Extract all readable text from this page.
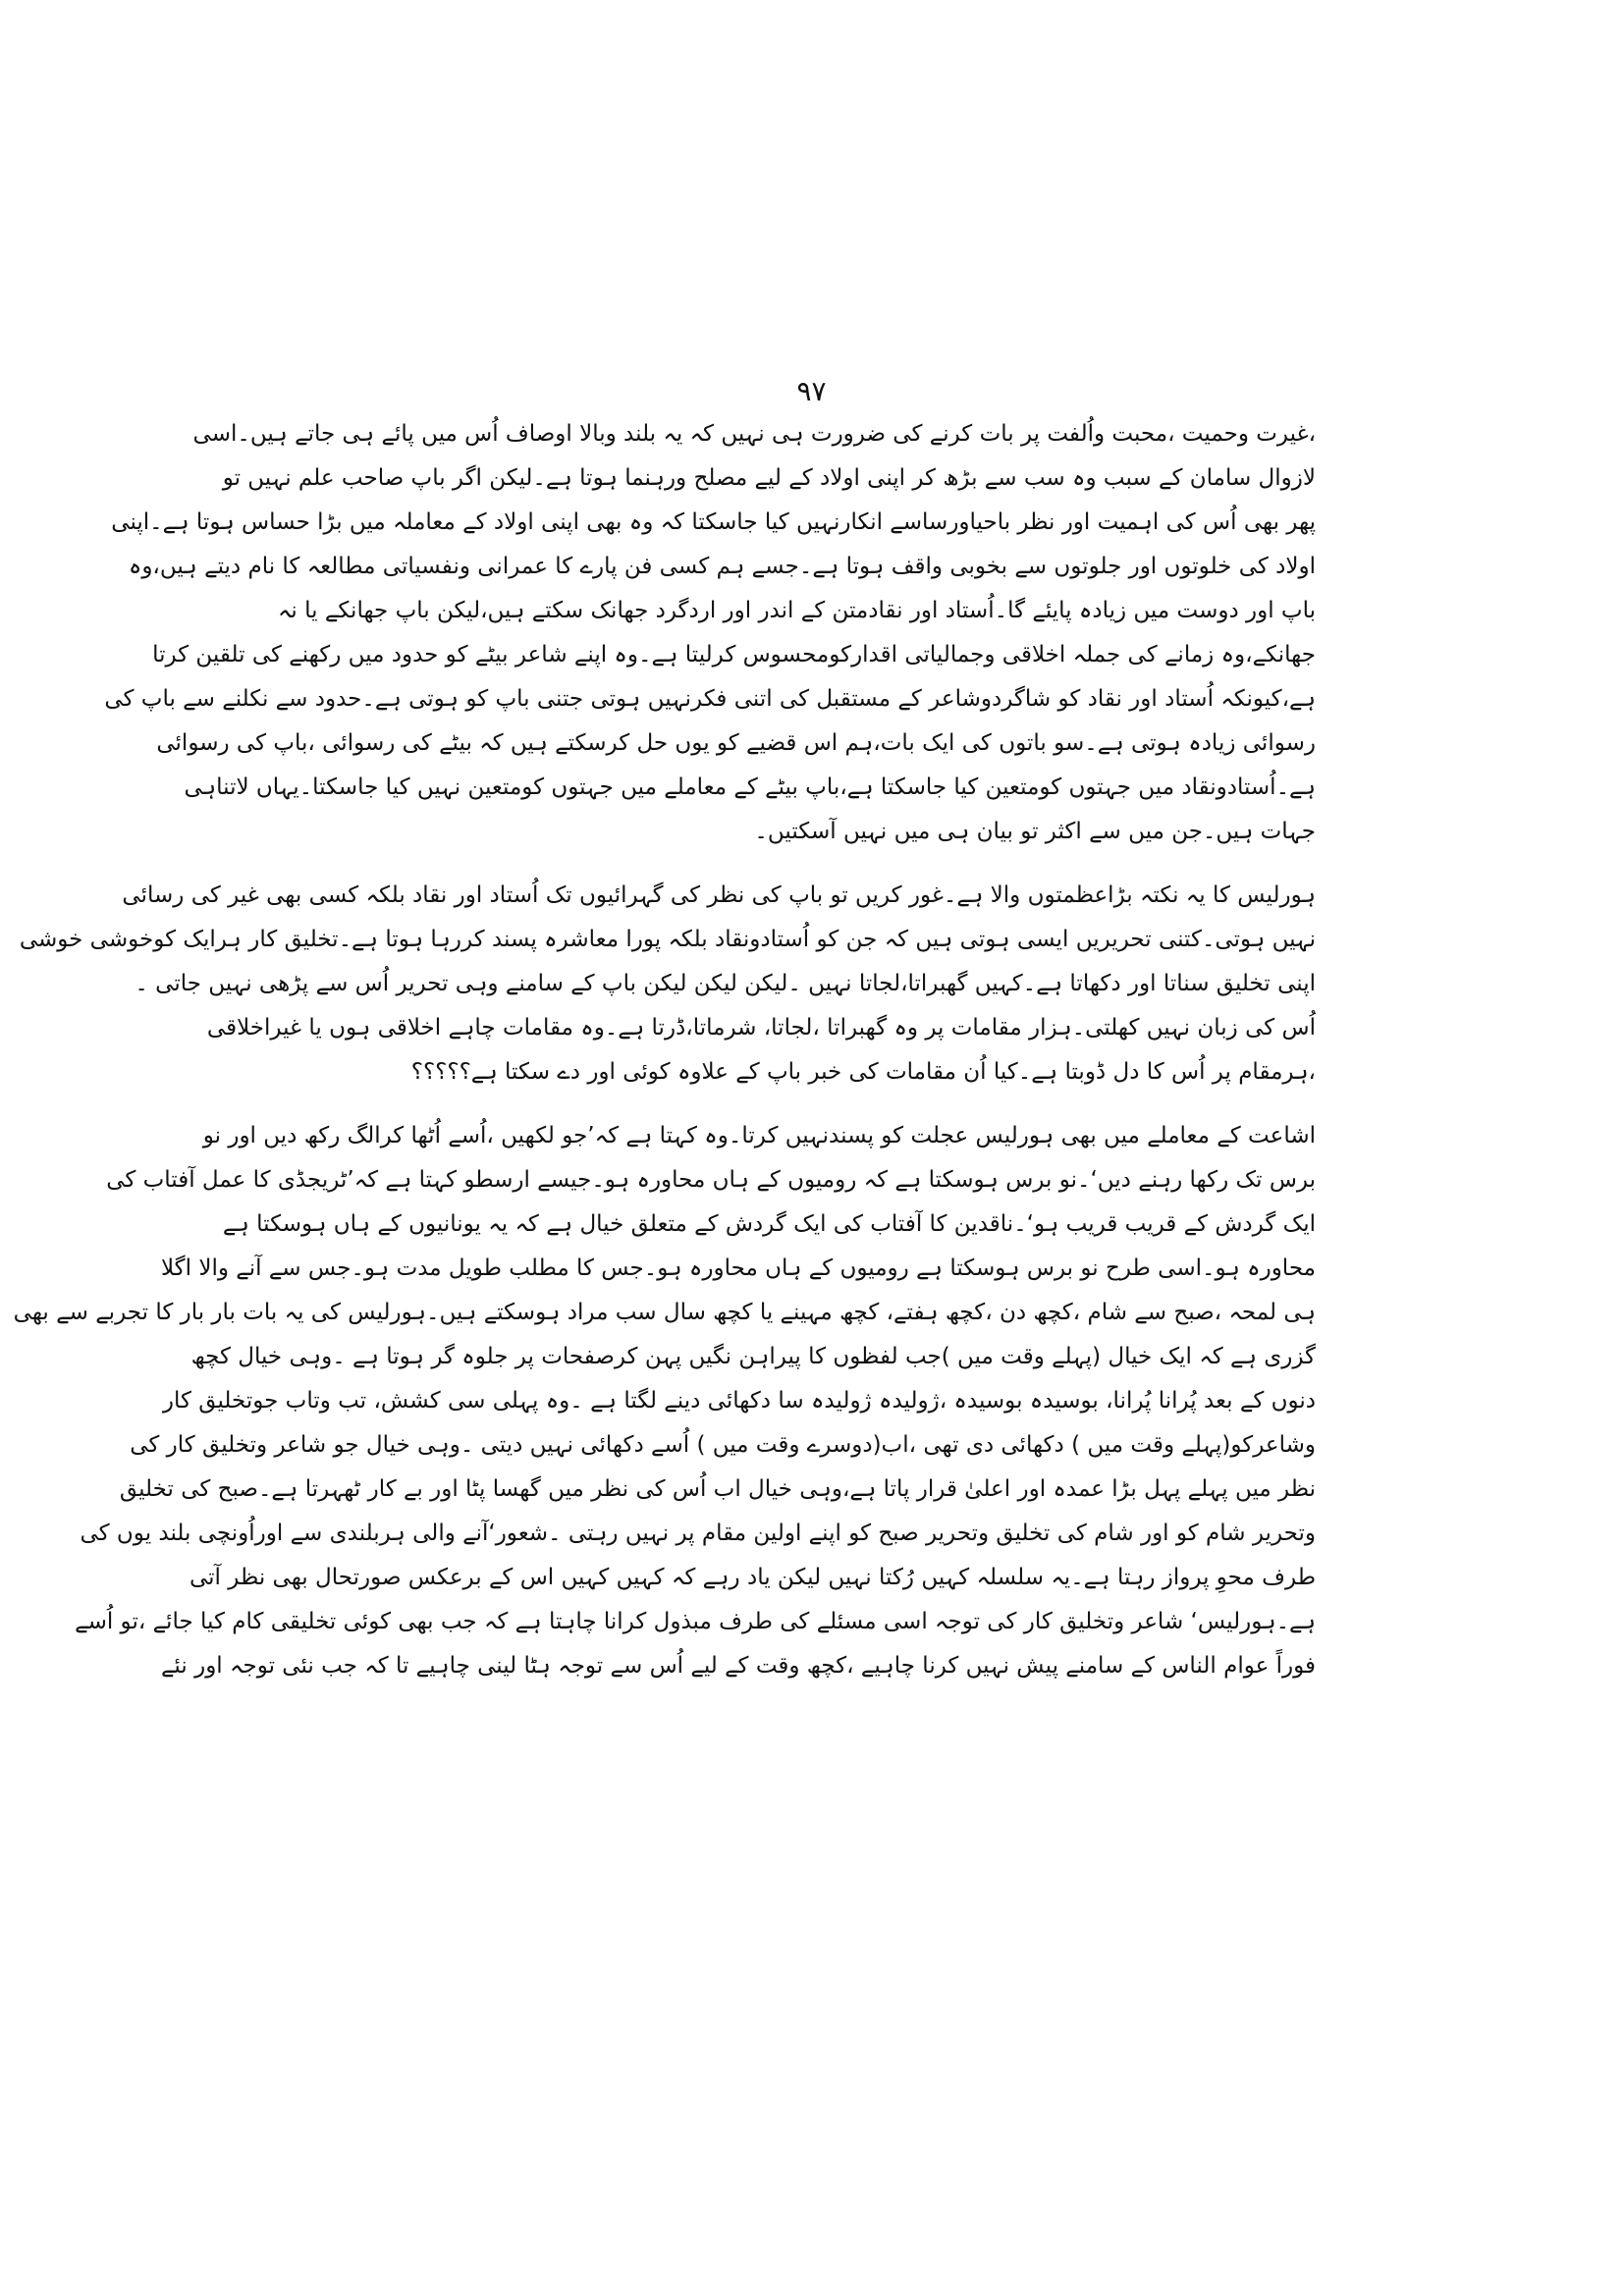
۹۷
،غیرت وحمیت ،محبت واُلفت پر بات کرنے کی ضرورت ہی نہیں کہ یہ بلند وبالا اوصاف اُس میں پائے ہی جاتے ہیں۔اسی
لازوال سامان کے سبب وہ سب سے بڑھ کر اپنی اولاد کے لیے مصلح ورہنما ہوتا ہے۔لیکن اگر باپ صاحب علم نہیں تو
پھر بھی اُس کی اہمیت اور نظر باحیاورساسے انکارنہیں کیا جاسکتا کہ وہ بھی اپنی اولاد کے معاملہ میں بڑا حساس ہوتا ہے۔اپنی
اولاد کی خلوتوں اور جلوتوں سے بخوبی واقف ہوتا ہے۔جسے ہم کسی فن پارے کا عمرانی ونفسیاتی مطالعہ کا نام دیتے ہیں،وہ
باپ اور دوست میں زیادہ پایئے گا۔اُستاد اور نقادمتن کے اندر اور اردگرد جھانک سکتے ہیں،لیکن باپ جھانکے یا نہ
جھانکے،وہ زمانے کی جملہ اخلاقی وجمالیاتی اقدارکومحسوس کرلیتا ہے۔وہ اپنے شاعر بیٹے کو حدود میں رکھنے کی تلقین کرتا
ہے،کیونکہ اُستاد اور نقاد کو شاگردوشاعر کے مستقبل کی اتنی فکرنہیں ہوتی جتنی باپ کو ہوتی ہے۔حدود سے نکلنے سے باپ کی
رسوائی زیادہ ہوتی ہے۔سو باتوں کی ایک بات،ہم اس قضیے کو یوں حل کرسکتے ہیں کہ بیٹے کی رسوائی ،باپ کی رسوائی
ہے۔اُستادونقاد میں جہتوں کومتعین کیا جاسکتا ہے،باپ بیٹے کے معاملے میں جہتوں کومتعین نہیں کیا جاسکتا۔یہاں لاتناہی
جہات ہیں۔جن میں سے اکثر تو بیان ہی میں نہیں آسکتیں۔
ہورلیس کا یہ نکتہ بڑاعظمتوں والا ہے۔غور کریں تو باپ کی نظر کی گہرائیوں تک اُستاد اور نقاد بلکہ کسی بھی غیر کی رسائی
نہیں ہوتی۔کتنی تحریریں ایسی ہوتی ہیں کہ جن کو اُستادونقاد بلکہ پورا معاشرہ پسند کررہا ہوتا ہے۔تخلیق کار ہرایک کوخوشی خوشی
اپنی تخلیق سناتا اور دکھاتا ہے۔کہیں گھبراتا،لجاتا نہیں ۔لیکن لیکن لیکن باپ کے سامنے وہی تحریر اُس سے پڑھی نہیں جاتی ۔
اُس کی زبان نہیں کھلتی۔ہزار مقامات پر وہ گھبراتا ،لجاتا، شرماتا،ڈرتا ہے۔وہ مقامات چاہے اخلاقی ہوں یا غیراخلاقی
،ہرمقام پر اُس کا دل ڈوبتا ہے۔کیا اُن مقامات کی خبر باپ کے علاوہ کوئی اور دے سکتا ہے؟؟؟؟؟
اشاعت کے معاملے میں بھی ہورلیس عجلت کو پسندنہیں کرتا۔وہ کہتا ہے کہ’جو لکھیں ،اُسے اُٹھا کرالگ رکھ دیں اور نو
برس تک رکھا رہنے دیں‘۔نو برس ہوسکتا ہے کہ رومیوں کے ہاں محاورہ ہو۔جیسے ارسطو کہتا ہے کہ’ٹریجڈی کا عمل آفتاب کی
ایک گردش کے قریب قریب ہو‘۔ناقدین کا آفتاب کی ایک گردش کے متعلق خیال ہے کہ یہ یونانیوں کے ہاں ہوسکتا ہے
محاورہ ہو۔اسی طرح نو برس ہوسکتا ہے رومیوں کے ہاں محاورہ ہو۔جس کا مطلب طویل مدت ہو۔جس سے آنے والا اگلا
ہی لمحہ ،صبح سے شام ،کچھ دن ،کچھ ہفتے، کچھ مہینے یا کچھ سال سب مراد ہوسکتے ہیں۔ہورلیس کی یہ بات بار بار کا تجربے سے بھی
گزری ہے کہ ایک خیال (پہلے وقت میں )جب لفظوں کا پیراہن نگیں پہن کرصفحات پر جلوہ گر ہوتا ہے ۔وہی خیال کچھ
دنوں کے بعد پُرانا پُرانا، بوسیدہ بوسیدہ ،ژولیدہ ژولیدہ سا دکھائی دینے لگتا ہے ۔وہ پہلی سی کشش، تب وتاب جوتخلیق کار
وشاعرکو(پہلے وقت میں ) دکھائی دی تھی ،اب(دوسرے وقت میں ) اُسے دکھائی نہیں دیتی ۔وہی خیال جو شاعر وتخلیق کار کی
نظر میں پہلے پہل بڑا عمدہ اور اعلیٰ قرار پاتا ہے،وہی خیال اب اُس کی نظر میں گھسا پٹا اور بے کار ٹھہرتا ہے۔صبح کی تخلیق
وتحریر شام کو اور شام کی تخلیق وتحریر صبح کو اپنے اولین مقام پر نہیں رہتی ۔شعور‘آنے والی ہربلندی سے اوراُونچی بلند یوں کی
طرف محوِ پرواز رہتا ہے۔یہ سلسلہ کہیں رُکتا نہیں لیکن یاد رہے کہ کہیں کہیں اس کے برعکس صورتحال بھی نظر آتی
ہے۔ہورلیس‘ شاعر وتخلیق کار کی توجہ اسی مسئلے کی طرف مبذول کرانا چاہتا ہے کہ جب بھی کوئی تخلیقی کام کیا جائے ،تو اُسے
فوراً عوام الناس کے سامنے پیش نہیں کرنا چاہیے ،کچھ وقت کے لیے اُس سے توجہ ہٹا لینی چاہیے تا کہ جب نئی توجہ اور نئے
